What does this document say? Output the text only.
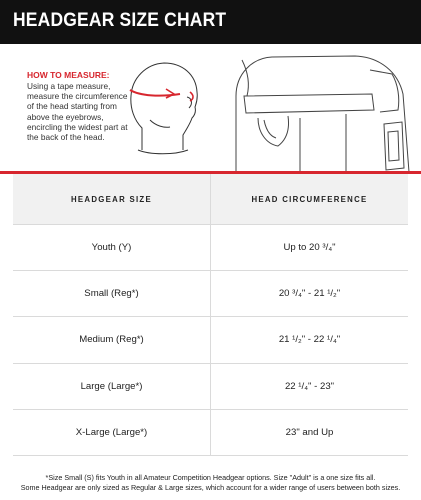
HEADGEAR SIZE CHART
HOW TO MEASURE:
Using a tape measure, measure the circumference of the head starting from above the eyebrows, encircling the widest part at the back of the head.
HEADGEAR SIZE	HEAD CIRCUMFERENCE
Youth (Y)	Up to 20 ³/₄"
Small (Reg*)	20 ³/₄" - 21 ¹/₂"
Medium (Reg*)	21 ¹/₂" - 22 ¹/₄"
Large (Large*)	22 ¹/₄" - 23"
X-Large (Large*)	23" and Up
*Size Small (S) fits Youth in all Amateur Competition Headgear options. Size "Adult" is a one size fits all.
Some Headgear are only sized as Regular & Large sizes, which account for a wider range of users between both sizes.
